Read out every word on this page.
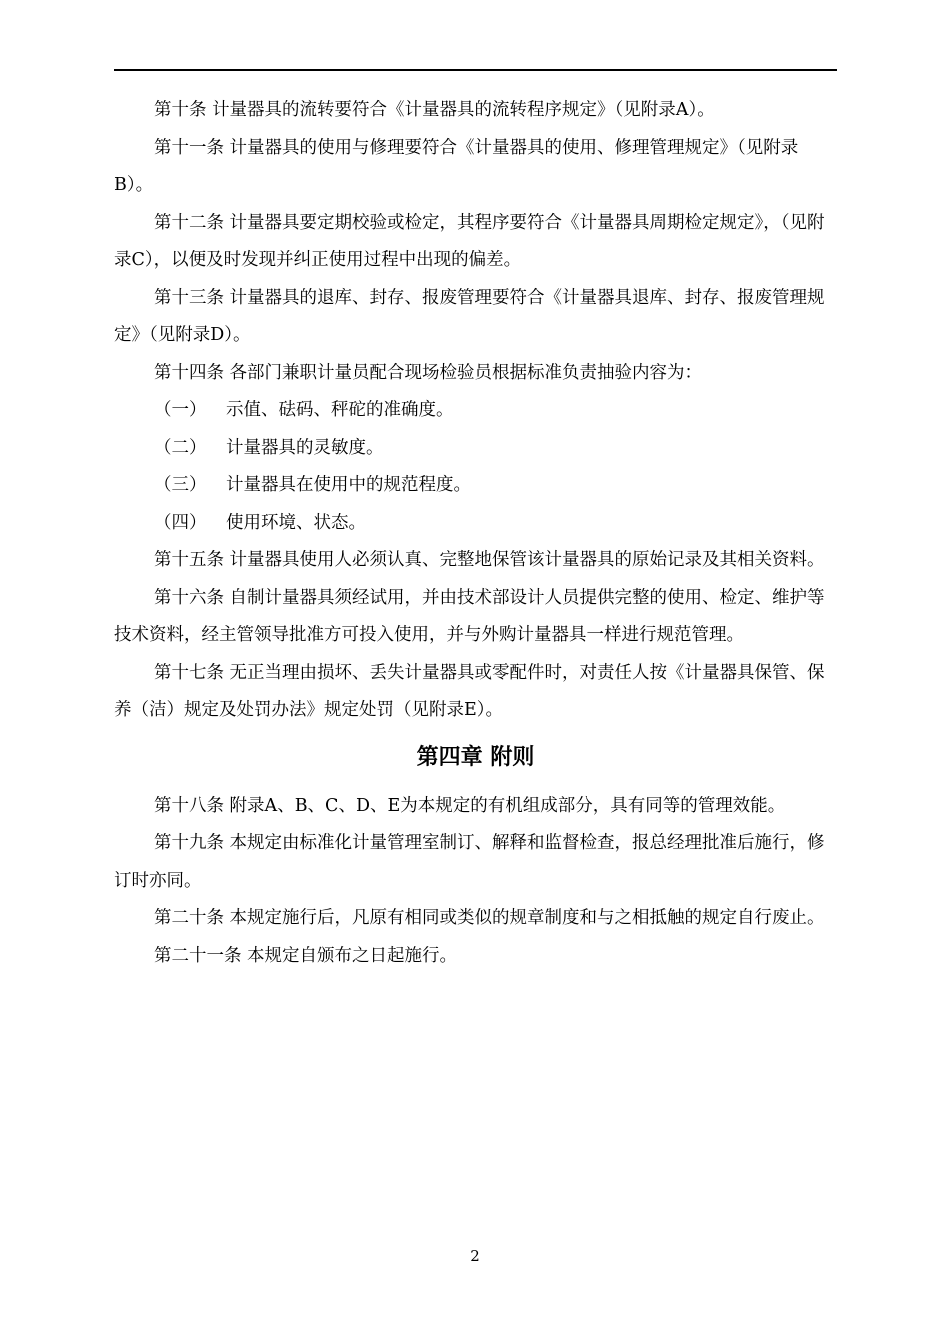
第十条 计量器具的流转要符合《计量器具的流转程序规定》（见附录A）。

第十一条 计量器具的使用与修理要符合《计量器具的使用、修理管理规定》（见附录B）。

第十二条 计量器具要定期校验或检定，其程序要符合《计量器具周期检定规定》，（见附录C），以便及时发现并纠正使用过程中出现的偏差。

第十三条 计量器具的退库、封存、报废管理要符合《计量器具退库、封存、报废管理规定》（见附录D）。

第十四条 各部门兼职计量员配合现场检验员根据标准负责抽验内容为：

（一） 示值、砝码、秤砣的准确度。

（二） 计量器具的灵敏度。

（三） 计量器具在使用中的规范程度。

（四） 使用环境、状态。

第十五条 计量器具使用人必须认真、完整地保管该计量器具的原始记录及其相关资料。

第十六条 自制计量器具须经试用，并由技术部设计人员提供完整的使用、检定、维护等技术资料，经主管领导批准方可投入使用，并与外购计量器具一样进行规范管理。

第十七条 无正当理由损坏、丢失计量器具或零配件时，对责任人按《计量器具保管、保养（洁）规定及处罚办法》规定处罚（见附录E）。

第四章 附则

第十八条 附录A、B、C、D、E为本规定的有机组成部分，具有同等的管理效能。

第十九条 本规定由标准化计量管理室制订、解释和监督检查，报总经理批准后施行，修订时亦同。

第二十条 本规定施行后，凡原有相同或类似的规章制度和与之相抵触的规定自行废止。

第二十一条 本规定自颁布之日起施行。

2
